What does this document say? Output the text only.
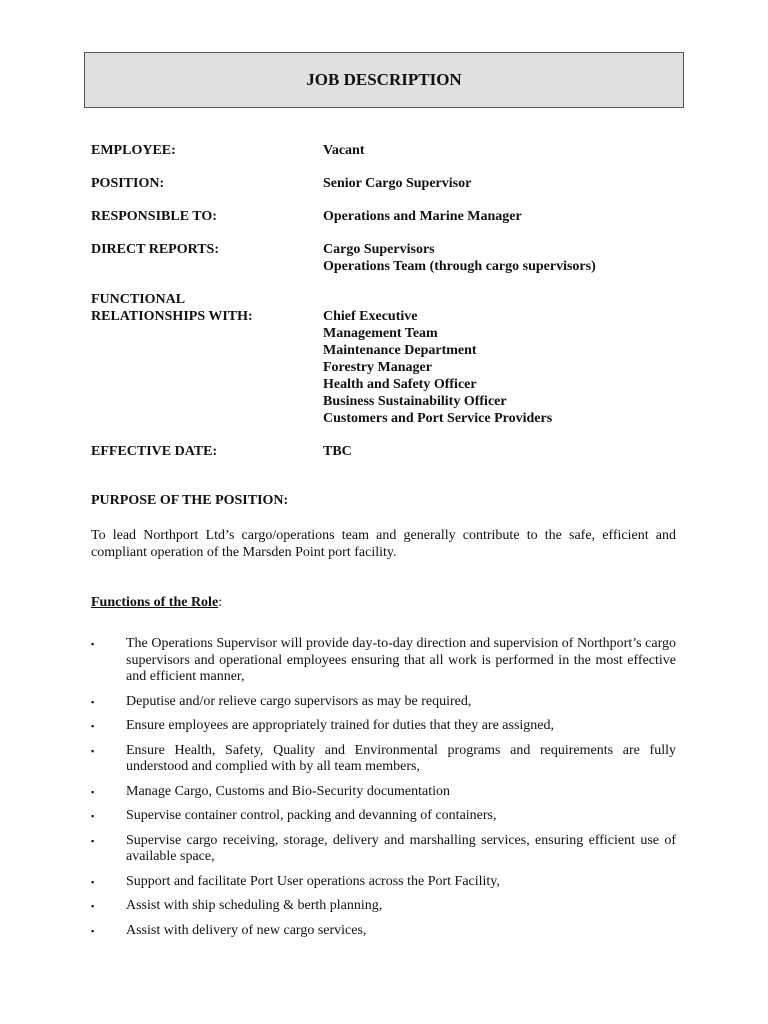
JOB DESCRIPTION
EMPLOYEE:	Vacant
POSITION:	Senior Cargo Supervisor
RESPONSIBLE TO:	Operations and Marine Manager
DIRECT REPORTS:	Cargo Supervisors
Operations Team (through cargo supervisors)
FUNCTIONAL
RELATIONSHIPS WITH:	Chief Executive
Management Team
Maintenance Department
Forestry Manager
Health and Safety Officer
Business Sustainability Officer
Customers and Port Service Providers
EFFECTIVE DATE:	TBC
PURPOSE OF THE POSITION:
To lead Northport Ltd’s cargo/operations team and generally contribute to the safe, efficient and compliant operation of the Marsden Point port facility.
Functions of the Role:
▪	The Operations Supervisor will provide day-to-day direction and supervision of Northport’s cargo supervisors and operational employees ensuring that all work is performed in the most effective and efficient manner,
▪	Deputise and/or relieve cargo supervisors as may be required,
▪	Ensure employees are appropriately trained for duties that they are assigned,
▪	Ensure Health, Safety, Quality and Environmental programs and requirements are fully understood and complied with by all team members,
▪	Manage Cargo, Customs and Bio-Security documentation
▪	Supervise container control, packing and devanning of containers,
▪	Supervise cargo receiving, storage, delivery and marshalling services, ensuring efficient use of available space,
▪	Support and facilitate Port User operations across the Port Facility,
▪	Assist with ship scheduling & berth planning,
▪	Assist with delivery of new cargo services,
